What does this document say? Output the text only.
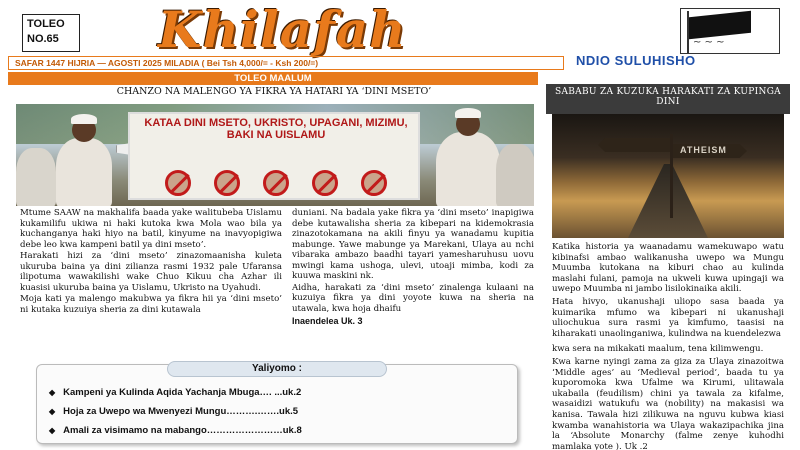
TOLEO
NO.65	Khilafah	~ ~ ~
SAFAR 1447 HIJRIA — AGOSTI 2025 MILADIA ( Bei Tsh 4,000/= - Ksh 200/=)	NDIO SULUHISHO
TOLEO MAALUM
CHANZO NA MALENGO YA FIKRA YA HATARI YA ‘DINI MSETO’
KATAA DINI MSETO, UKRISTO, UPAGANI, MIZIMU, BAKI NA UISLAMU

Mtume SAAW na makhalifa baada yake walitubeba Uislamu kukamilifu ukiwa ni haki kutoka kwa Mola wao bila ya kuchanganya haki hiyo na batil, kinyume na inavyopigiwa debe leo kwa kampeni batil ya dini mseto’.

Harakati hizi za ‘dini mseto’ zinazomaanisha kuleta ukuruba baina ya dini zilianza rasmi 1932 pale Ufaransa ilipotuma wawakilishi wake Chuo Kikuu cha Azhar ili kuasisi ukuruba baina ya Uislamu, Ukristo na Uyahudi.

Moja kati ya malengo makubwa ya fikra hii ya ‘dini mseto’ ni kutaka kuzuiya sheria za dini kutawala

duniani. Na badala yake fikra ya ‘dini mseto’ inapigiwa debe kutawalisha sheria za kibepari na kidemokrasia zinazotokamana na akili finyu ya wanadamu kupitia mabunge. Yawe mabunge ya Marekani, Ulaya au nchi vibaraka ambazo baadhi tayari yamesharuhusu uovu mwingi kama ushoga, ulevi, utoaji mimba, kodi za kuuwa maskini nk.

Aidha, harakati za ‘dini mseto’ zinalenga kulaani na kuzuiya fikra ya dini yoyote kuwa na sheria na utawala, kwa hoja dhaifu

Inaendelea Uk. 3
Yaliyomo :
◆ Kampeni ya Kulinda Aqida Yachanja Mbuga…. ...uk.2
◆ Hoja za Uwepo wa Mwenyezi Mungu……….…….uk.5
◆ Amali za visimamo na mabango……………………uk.8
SABABU ZA KUZUKA HARAKATI ZA KUPINGA DINI
ATHEISM

Katika historia ya waanadamu wamekuwapo watu kibinafsi ambao walikanusha uwepo wa Mungu Muumba kutokana na kiburi chao au kulinda maslahi fulani, pamoja na ukweli kuwa upingaji wa uwepo Muumba ni jambo lisilokinaika akili.

Hata hivyo, ukanushaji uliopo sasa baada ya kuimarika mfumo wa kibepari ni ukanushaji uliochukua sura rasmi ya kimfumo, taasisi na kiharakati unaolinganiwa, kulindwa na kuendelezwa

kwa sera na mikakati maalum, tena kilimwengu.

Kwa karne nyingi zama za giza za Ulaya zinazoitwa ‘Middle ages’ au ‘Medieval period’, baada tu ya kuporomoka kwa Ufalme wa Kirumi, ulitawala ukabaila (feudilism) chini ya tawala za kifalme, wasaidizi watukufu wa (nobility) na makasisi wa kanisa. Tawala hizi zilikuwa na nguvu kubwa kiasi kwamba wanahistoria wa Ulaya wakazipachika jina la ‘Absolute Monarchy (falme zenye kuhodhi mamlaka yote ). Uk .2
